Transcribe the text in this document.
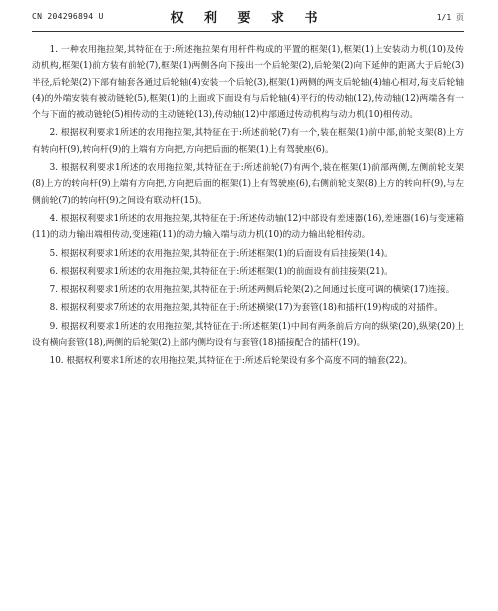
CN 204296894 U	权 利 要 求 书	1/1 页

1. 一种农用拖拉架,其特征在于:所述拖拉架有用杆件构成的平置的框架(1),框架(1)上安装动力机(10)及传动机构,框架(1)前方装有前轮(7),框架(1)两侧各向下接出一个后轮架(2),后轮架(2)向下延伸的距离大于后轮(3)半径,后轮架(2)下部有轴套各通过后轮轴(4)安装一个后轮(3),框架(1)两侧的两支后轮轴(4)轴心相对,每支后轮轴(4)的外端安装有被动链轮(5),框架(1)的上面或下面设有与后轮轴(4)平行的传动轴(12),传动轴(12)两端各有一个与下面的被动链轮(5)相传动的主动链轮(13),传动轴(12)中部通过传动机构与动力机(10)相传动。

2. 根据权利要求1所述的农用拖拉架,其特征在于:所述前轮(7)有一个,装在框架(1)前中部,前轮支架(8)上方有转向杆(9),转向杆(9)的上端有方向把,方向把后面的框架(1)上有驾驶座(6)。

3. 根据权利要求1所述的农用拖拉架,其特征在于:所述前轮(7)有两个,装在框架(1)前部两侧,左侧前轮支架(8)上方的转向杆(9)上端有方向把,方向把后面的框架(1)上有驾驶座(6),右侧前轮支架(8)上方的转向杆(9),与左侧前轮(7)的转向杆(9)之间设有联动杆(15)。

4. 根据权利要求1所述的农用拖拉架,其特征在于:所述传动轴(12)中部设有差速器(16),差速器(16)与变速箱(11)的动力输出端相传动,变速箱(11)的动力输入端与动力机(10)的动力输出轮相传动。

5. 根据权利要求1所述的农用拖拉架,其特征在于:所述框架(1)的后面设有后挂接架(14)。

6. 根据权利要求1所述的农用拖拉架,其特征在于:所述框架(1)的前面设有前挂接架(21)。

7. 根据权利要求1所述的农用拖拉架,其特征在于:所述两侧后轮架(2)之间通过长度可调的横梁(17)连接。

8. 根据权利要求7所述的农用拖拉架,其特征在于:所述横梁(17)为套管(18)和插杆(19)构成的对插件。

9. 根据权利要求1所述的农用拖拉架,其特征在于:所述框架(1)中间有两条前后方向的纵梁(20),纵梁(20)上设有横向套管(18),两侧的后轮架(2)上部内侧均设有与套管(18)插接配合的插杆(19)。

10. 根据权利要求1所述的农用拖拉架,其特征在于:所述后轮架设有多个高度不同的轴套(22)。
